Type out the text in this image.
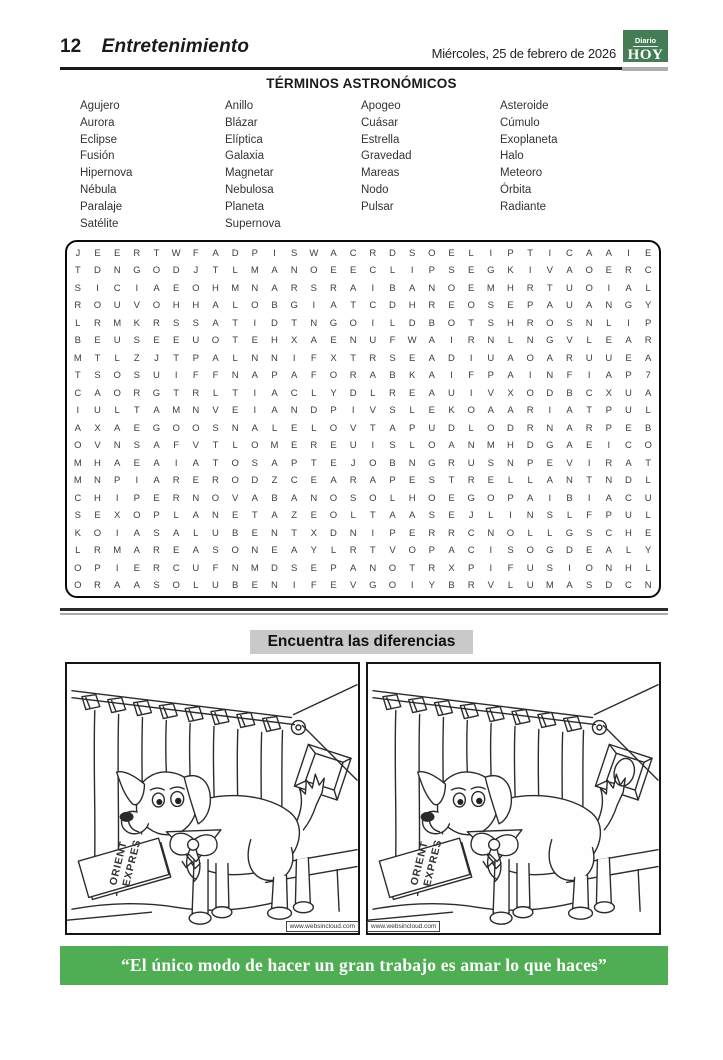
12 Entretenimiento	Miércoles, 25 de febrero de 2026
Diario
HOY
TÉRMINOS ASTRONÓMICOS
Agujero
Aurora
Eclipse
Fusión
Hipernova
Nébula
Paralaje
Satélite
Anillo
Blázar
Elíptica
Galaxia
Magnetar
Nebulosa
Planeta
Supernova
Apogeo
Cuásar
Estrella
Gravedad
Mareas
Nodo
Pulsar
Asteroide
Cúmulo
Exoplaneta
Halo
Meteoro
Órbita
Radiante
J	E	E	R	T	W	F	A	D	P	I	S	W	A	C	R	D	S	O	E	L	I	P	T	I	C	A	A	I	E
T	D	N	G	O	D	J	T	L	M	A	N	O	E	E	C	L	I	P	S	E	G	K	I	V	A	O	E	R	C
S	I	C	I	A	E	O	H	M	N	A	R	S	R	A	I	B	A	N	O	E	M	H	R	T	U	O	I	A	L
R	O	U	V	O	H	H	A	L	O	B	G	I	A	T	C	D	H	R	E	O	S	E	P	A	U	A	N	G	Y
L	R	M	K	R	S	S	A	T	I	D	T	N	G	O	I	L	D	B	O	T	S	H	R	O	S	N	L	I	P
B	E	U	S	E	E	U	O	T	E	H	X	A	E	N	U	F	W	A	I	R	N	L	N	G	V	L	E	A	R
M	T	L	Z	J	T	P	A	L	N	N	I	F	X	T	R	S	E	A	D	I	U	A	O	A	R	U	U	E	A
T	S	O	S	U	I	F	F	N	A	P	A	F	O	R	A	B	K	A	I	F	P	A	I	N	F	I	A	P	7
C	A	O	R	G	T	R	L	T	I	A	C	L	Y	D	L	R	E	A	U	I	V	X	O	D	B	C	X	U	A
I	U	L	T	A	M	N	V	E	I	A	N	D	P	I	V	S	L	E	K	O	A	A	R	I	A	T	P	U	L
A	X	A	E	G	O	O	S	N	A	L	E	L	O	V	T	A	P	U	D	L	O	D	R	N	A	R	P	E	B
O	V	N	S	A	F	V	T	L	O	M	E	R	E	U	I	S	L	O	A	N	M	H	D	G	A	E	I	C	O
M	H	A	E	A	I	A	T	O	S	A	P	T	E	J	O	B	N	G	R	U	S	N	P	E	V	I	R	A	T
M	N	P	I	A	R	E	R	O	D	Z	C	E	A	R	A	P	E	S	T	R	E	L	L	A	N	T	N	D	L
C	H	I	P	E	R	N	O	V	A	B	A	N	O	S	O	L	H	O	E	G	O	P	A	I	B	I	A	C	U
S	E	X	O	P	L	A	N	E	T	A	Z	E	O	L	T	A	A	S	E	J	L	I	N	S	L	F	P	U	L
K	O	I	A	S	A	L	U	B	E	N	T	X	D	N	I	P	E	R	R	C	N	O	L	L	G	S	C	H	E
L	R	M	A	R	E	A	S	O	N	E	A	Y	L	R	T	V	O	P	A	C	I	S	O	G	D	E	A	L	Y
O	P	I	E	R	C	U	F	N	M	D	S	E	P	A	N	O	T	R	X	P	I	F	U	S	I	O	N	H	L
O	R	A	A	S	O	L	U	B	E	N	I	F	E	V	G	O	I	Y	B	R	V	L	U	M	A	S	D	C	N
Encuentra las diferencias
www.websincloud.com	www.websincloud.com
“El único modo de hacer un gran trabajo es amar lo que haces”
